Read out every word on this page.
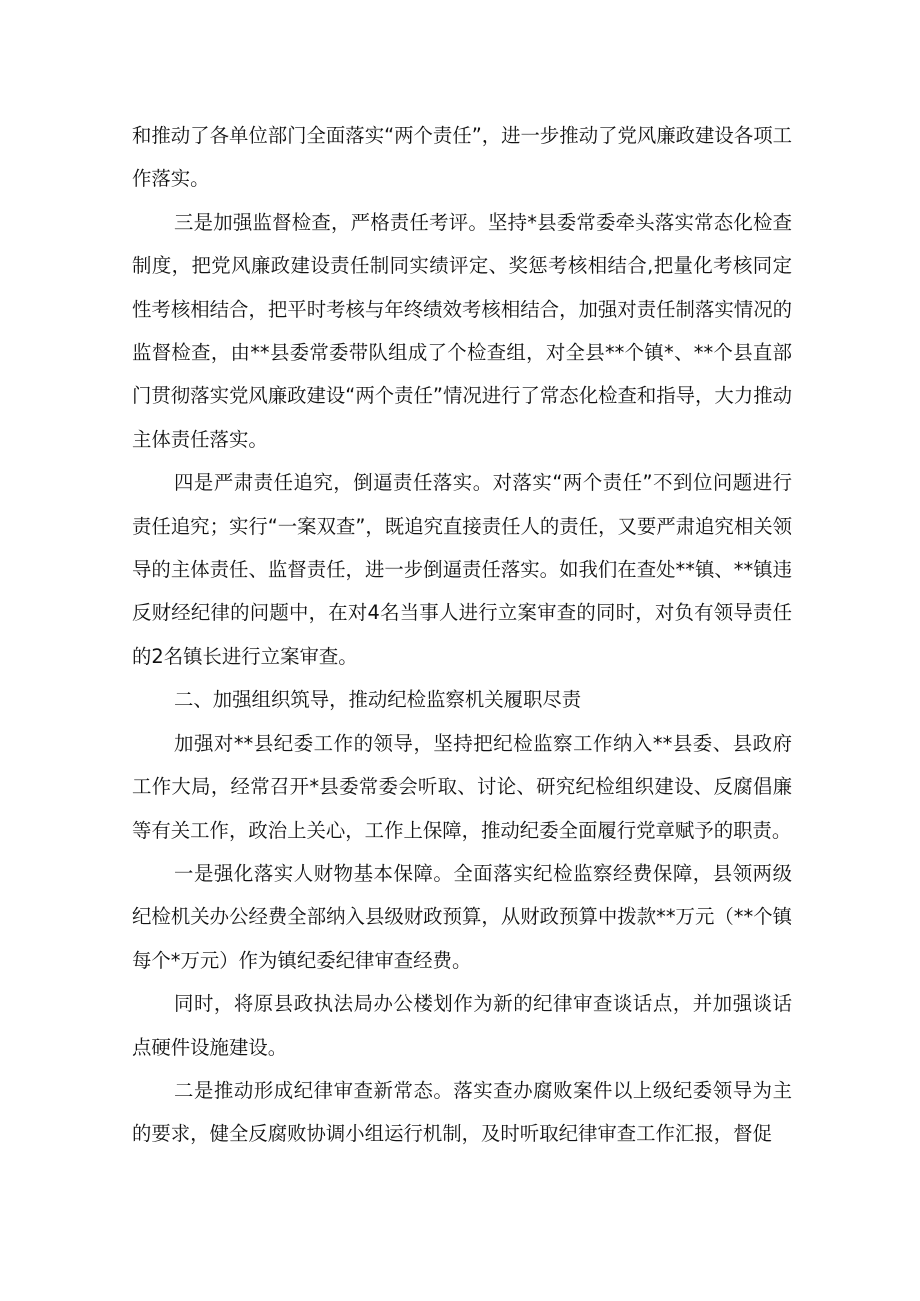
和推动了各单位部门全面落实“两个责任”，进一步推动了党风廉政建设各项工作落实。

三是加强监督检查，严格责任考评。坚持*县委常委牵头落实常态化检查制度，把党风廉政建设责任制同实绩评定、奖惩考核相结合,把量化考核同定性考核相结合，把平时考核与年终绩效考核相结合，加强对责任制落实情况的监督检查，由**县委常委带队组成了个检查组，对全县**个镇*、**个县直部门贯彻落实党风廉政建设“两个责任”情况进行了常态化检查和指导，大力推动主体责任落实。

四是严肃责任追究，倒逼责任落实。对落实“两个责任”不到位问题进行责任追究；实行“一案双查”，既追究直接责任人的责任，又要严肃追究相关领导的主体责任、监督责任，进一步倒逼责任落实。如我们在查处**镇、**镇违反财经纪律的问题中，在对4名当事人进行立案审查的同时，对负有领导责任的2名镇长进行立案审查。

二、加强组织筑导，推动纪检监察机关履职尽责

加强对**县纪委工作的领导，坚持把纪检监察工作纳入**县委、县政府工作大局，经常召开*县委常委会听取、讨论、研究纪检组织建设、反腐倡廉等有关工作，政治上关心，工作上保障，推动纪委全面履行党章赋予的职责。

一是强化落实人财物基本保障。全面落实纪检监察经费保障，县领两级纪检机关办公经费全部纳入县级财政预算，从财政预算中拨款**万元（**个镇每个*万元）作为镇纪委纪律审查经费。

同时，将原县政执法局办公楼划作为新的纪律审查谈话点，并加强谈话点硬件设施建设。

二是推动形成纪律审查新常态。落实查办腐败案件以上级纪委领导为主的要求，健全反腐败协调小组运行机制，及时听取纪律审查工作汇报，督促
